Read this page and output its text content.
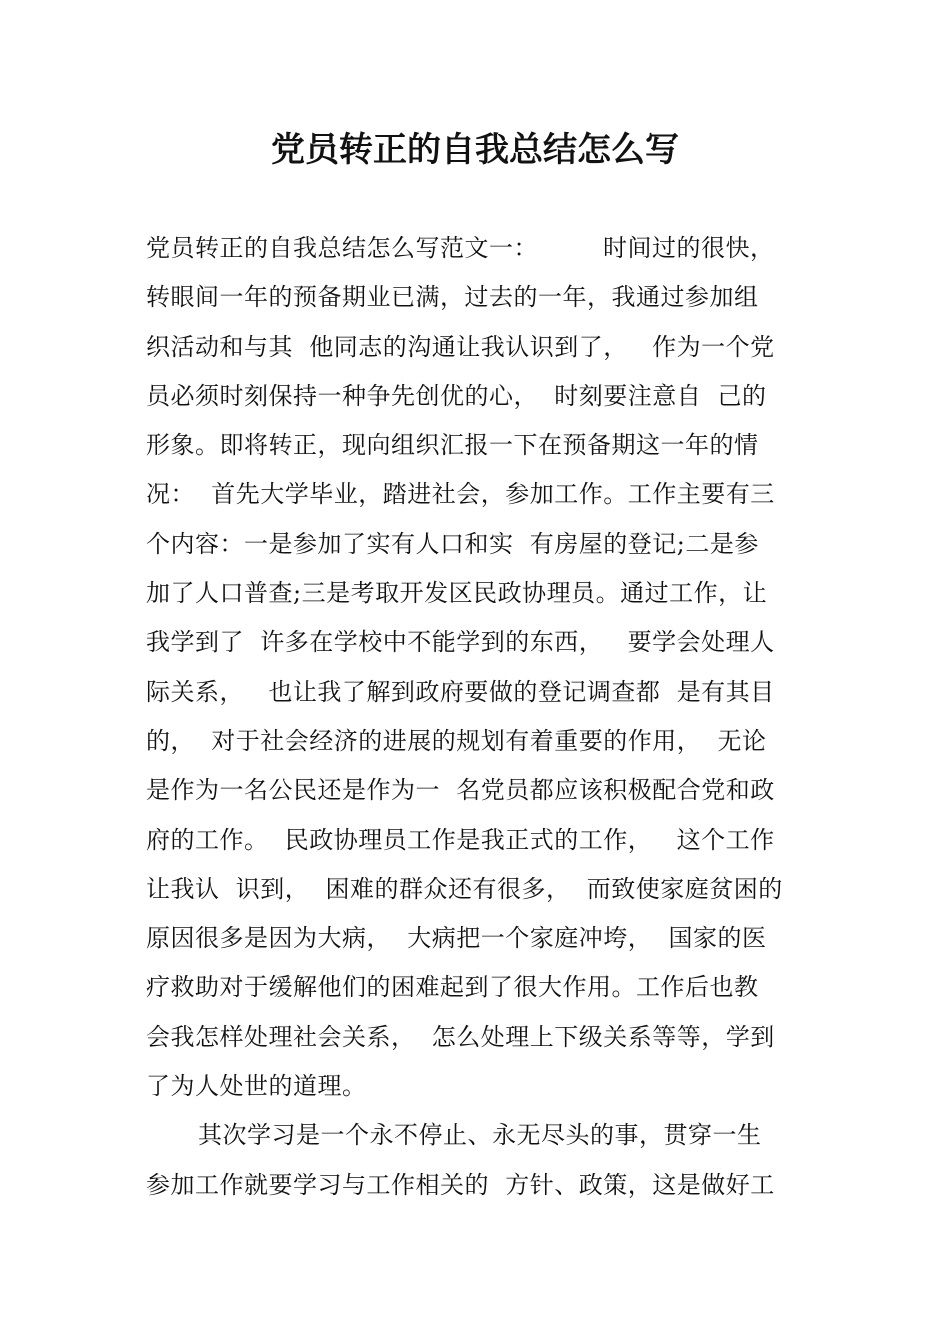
党员转正的自我总结怎么写
党员转正的自我总结怎么写范文一：        时间过的很快，
转眼间一年的预备期业已满，过去的一年，我通过参加组
织活动和与其  他同志的沟通让我认识到了，   作为一个党
员必须时刻保持一种争先创优的心，  时刻要注意自  己的
形象。即将转正，现向组织汇报一下在预备期这一年的情
况：  首先大学毕业，踏进社会，参加工作。工作主要有三
个内容：一是参加了实有人口和实  有房屋的登记;二是参
加了人口普查;三是考取开发区民政协理员。通过工作，让
我学到了  许多在学校中不能学到的东西，   要学会处理人
际关系，   也让我了解到政府要做的登记调查都  是有其目
的，  对于社会经济的进展的规划有着重要的作用，  无论
是作为一名公民还是作为一  名党员都应该积极配合党和政
府的工作。  民政协理员工作是我正式的工作，   这个工作
让我认  识到，  困难的群众还有很多，  而致使家庭贫困的
原因很多是因为大病，  大病把一个家庭冲垮，  国家的医
疗救助对于缓解他们的困难起到了很大作用。工作后也教
会我怎样处理社会关系，  怎么处理上下级关系等等，学到
了为人处世的道理。
其次学习是一个永不停止、永无尽头的事，贯穿一生
参加工作就要学习与工作相关的  方针、政策，这是做好工
